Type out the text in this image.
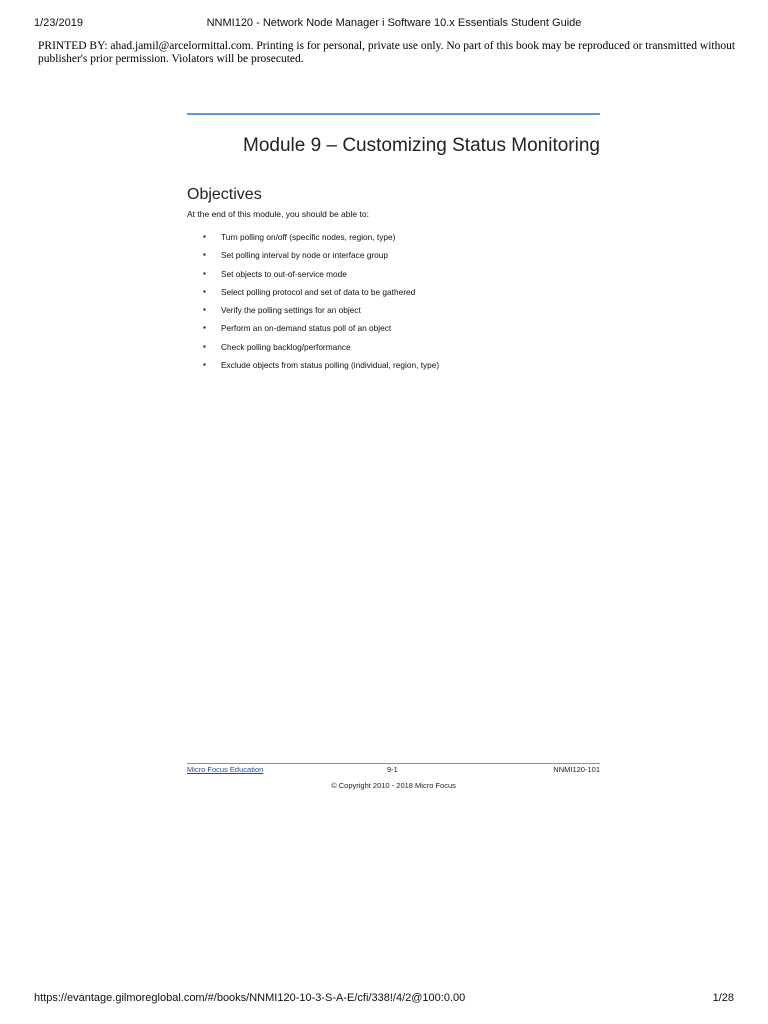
1/23/2019	NNMI120 - Network Node Manager i Software 10.x Essentials Student Guide
PRINTED BY: ahad.jamil@arcelormittal.com. Printing is for personal, private use only. No part of this book may be reproduced or transmitted without publisher's prior permission. Violators will be prosecuted.
Module 9 – Customizing Status Monitoring
Objectives
At the end of this module, you should be able to:
▪ Turn polling on/off (specific nodes, region, type)
▪ Set polling interval by node or interface group
▪ Set objects to out-of-service mode
▪ Select polling protocol and set of data to be gathered
▪ Verify the polling settings for an object
▪ Perform an on-demand status poll of an object
▪ Check polling backlog/performance
▪ Exclude objects from status polling (individual, region, type)
Micro Focus Education	9-1	NNMI120-101
© Copyright 2010 - 2018 Micro Focus
https://evantage.gilmoreglobal.com/#/books/NNMI120-10-3-S-A-E/cfi/338!/4/2@100:0.00	1/28
